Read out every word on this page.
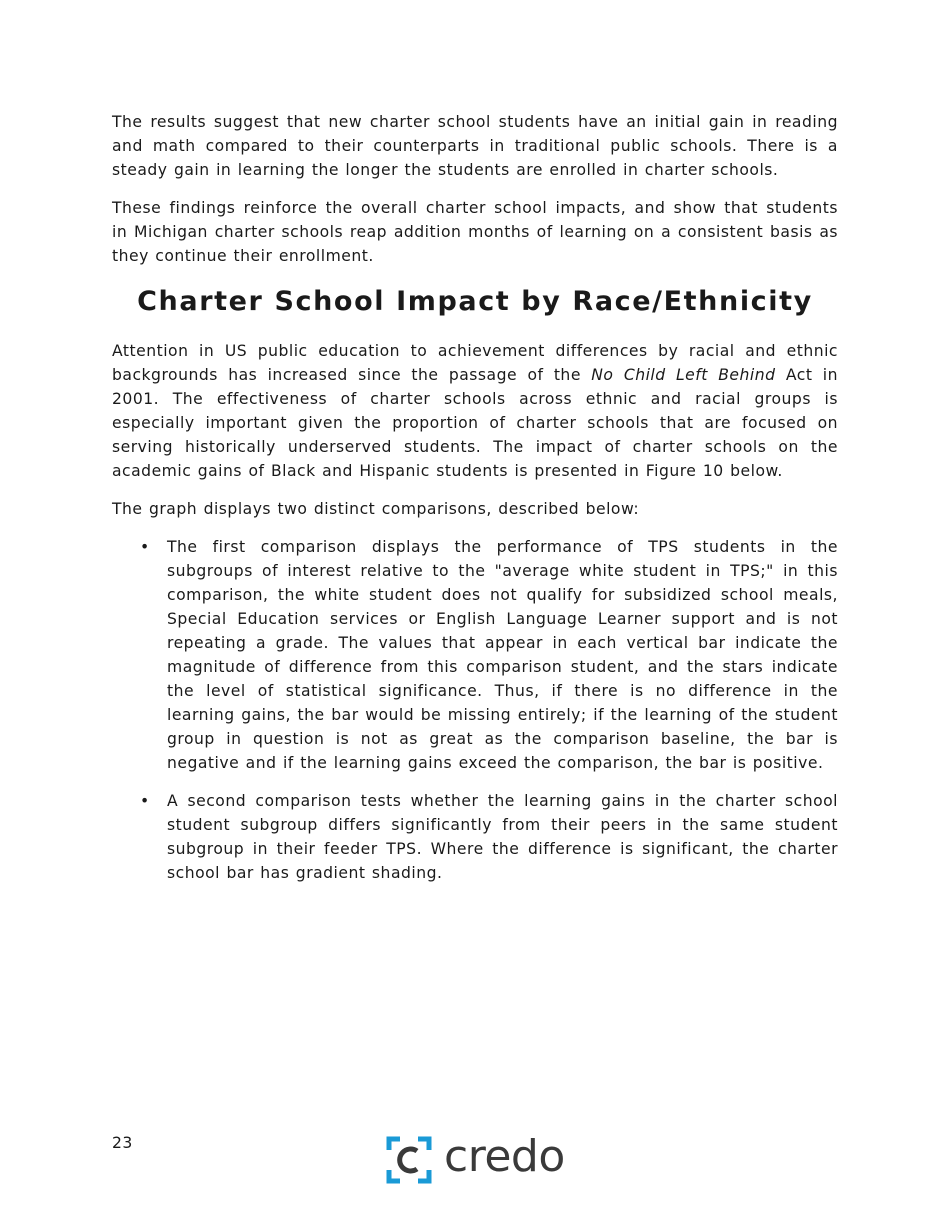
The results suggest that new charter school students have an initial gain in reading and math compared to their counterparts in traditional public schools. There is a steady gain in learning the longer the students are enrolled in charter schools.

These findings reinforce the overall charter school impacts, and show that students in Michigan charter schools reap addition months of learning on a consistent basis as they continue their enrollment.

Charter School Impact by Race/Ethnicity

Attention in US public education to achievement differences by racial and ethnic backgrounds has increased since the passage of the No Child Left Behind Act in 2001. The effectiveness of charter schools across ethnic and racial groups is especially important given the proportion of charter schools that are focused on serving historically underserved students. The impact of charter schools on the academic gains of Black and Hispanic students is presented in Figure 10 below.

The graph displays two distinct comparisons, described below:

• The first comparison displays the performance of TPS students in the subgroups of interest relative to the "average white student in TPS;" in this comparison, the white student does not qualify for subsidized school meals, Special Education services or English Language Learner support and is not repeating a grade. The values that appear in each vertical bar indicate the magnitude of difference from this comparison student, and the stars indicate the level of statistical significance. Thus, if there is no difference in the learning gains, the bar would be missing entirely; if the learning of the student group in question is not as great as the comparison baseline, the bar is negative and if the learning gains exceed the comparison, the bar is positive.

• A second comparison tests whether the learning gains in the charter school student subgroup differs significantly from their peers in the same student subgroup in their feeder TPS. Where the difference is significant, the charter school bar has gradient shading.

23	credo
